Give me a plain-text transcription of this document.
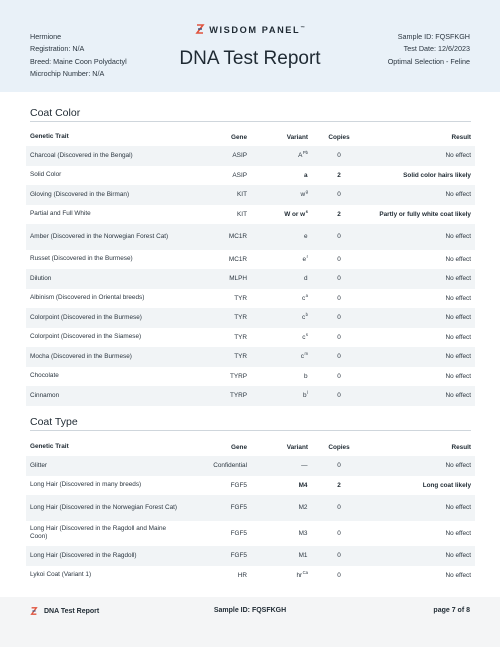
Hermione
Registration: N/A
Breed: Maine Coon Polydactyl
Microchip Number: N/A
WISDOM PANEL™
DNA Test Report
Sample ID: FQSFKGH
Test Date: 12/6/2023
Optimal Selection - Feline
Coat Color
Genetic Trait	Gene	Variant	Copies	Result
Charcoal (Discovered in the Bengal)	ASIP	A Pb	0	No effect
Solid Color	ASIP	a	2	Solid color hairs likely
Gloving (Discovered in the Birman)	KIT	w g	0	No effect
Partial and Full White	KIT	W or w s	2	Partly or fully white coat likely
Amber (Discovered in the Norwegian Forest Cat)	MC1R	e	0	No effect
Russet (Discovered in the Burmese)	MC1R	e r	0	No effect
Dilution	MLPH	d	0	No effect
Albinism (Discovered in Oriental breeds)	TYR	c a	0	No effect
Colorpoint (Discovered in the Burmese)	TYR	c b	0	No effect
Colorpoint (Discovered in the Siamese)	TYR	c s	0	No effect
Mocha (Discovered in the Burmese)	TYR	c m	0	No effect
Chocolate	TYRP	b	0	No effect
Cinnamon	TYRP	b l	0	No effect
Coat Type
Genetic Trait	Gene	Variant	Copies	Result
Glitter	Confidential	—	0	No effect
Long Hair (Discovered in many breeds)	FGF5	M4	2	Long coat likely
Long Hair (Discovered in the Norwegian Forest Cat)	FGF5	M2	0	No effect
Long Hair (Discovered in the Ragdoll and Maine Coon)	FGF5	M3	0	No effect
Long Hair (Discovered in the Ragdoll)	FGF5	M1	0	No effect
Lykoi Coat (Variant 1)	HR	hr Ca	0	No effect
DNA Test Report	Sample ID: FQSFKGH	page 7 of 8
